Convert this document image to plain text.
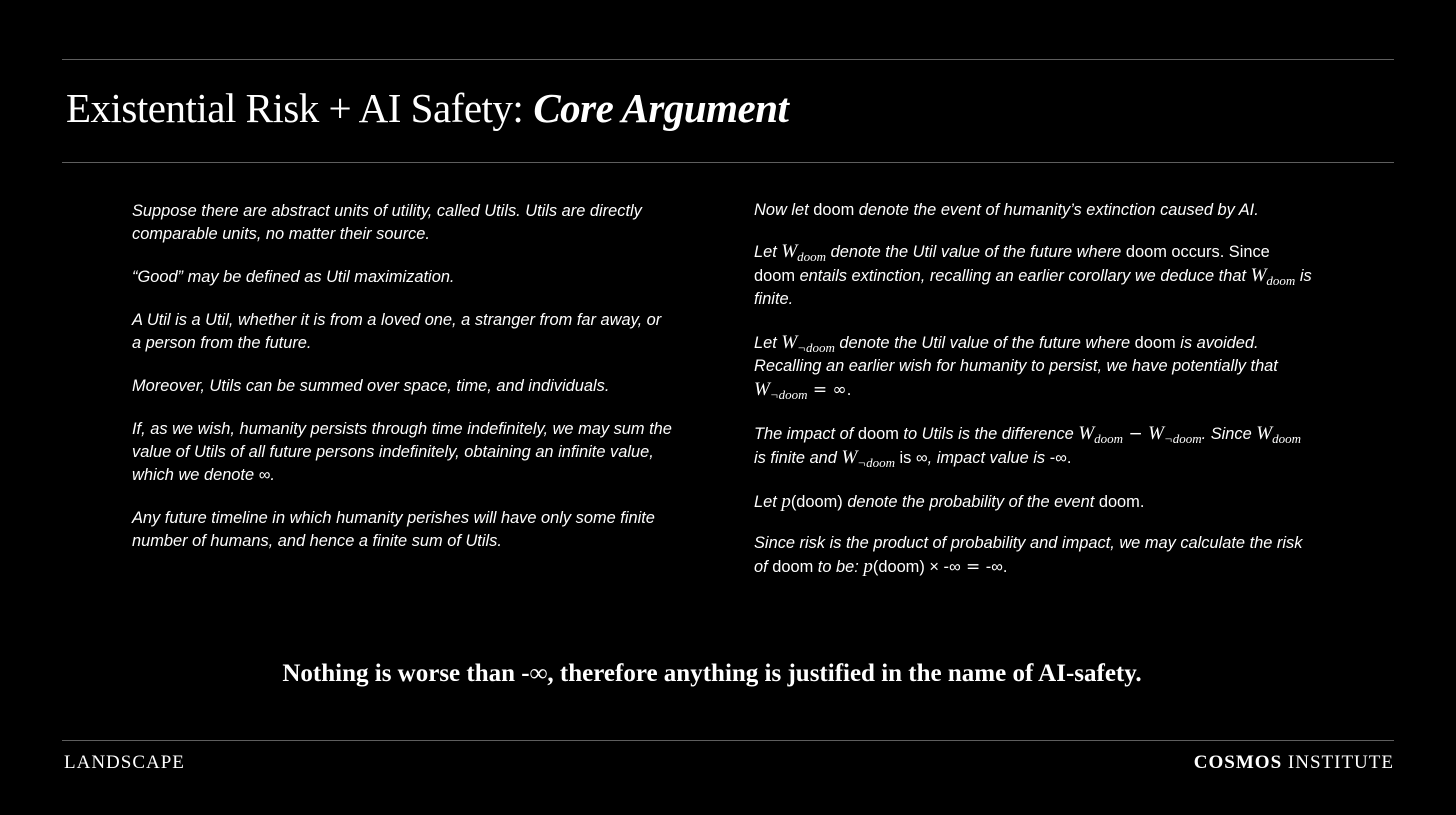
Existential Risk + AI Safety: Core Argument

Suppose there are abstract units of utility, called Utils. Utils are directly comparable units, no matter their source.

“Good” may be defined as Util maximization.

A Util is a Util, whether it is from a loved one, a stranger from far away, or a person from the future.

Moreover, Utils can be summed over space, time, and individuals.

If, as we wish, humanity persists through time indefinitely, we may sum the value of Utils of all future persons indefinitely, obtaining an infinite value, which we denote ∞.

Any future timeline in which humanity perishes will have only some finite number of humans, and hence a finite sum of Utils.

Now let doom denote the event of humanity’s extinction caused by AI.

Let $W_{doom}$ denote the Util value of the future where doom occurs. Since doom entails extinction, recalling an earlier corollary we deduce that $W_{doom}$ is finite.

Let $W_{\neg doom}$ denote the Util value of the future where doom is avoided. Recalling an earlier wish for humanity to persist, we have potentially that $W_{\neg doom}$ = ∞.

The impact of doom to Utils is the difference $W_{doom} - W_{\neg doom}$. Since $W_{doom}$ is finite and $W_{\neg doom}$ is ∞, impact value is -∞.

Let p(doom) denote the probability of the event doom.

Since risk is the product of probability and impact, we may calculate the risk of doom to be: p(doom) × -∞ = -∞.

Nothing is worse than -∞, therefore anything is justified in the name of AI-safety.
LANDSCAPE	COSMOS INSTITUTE
